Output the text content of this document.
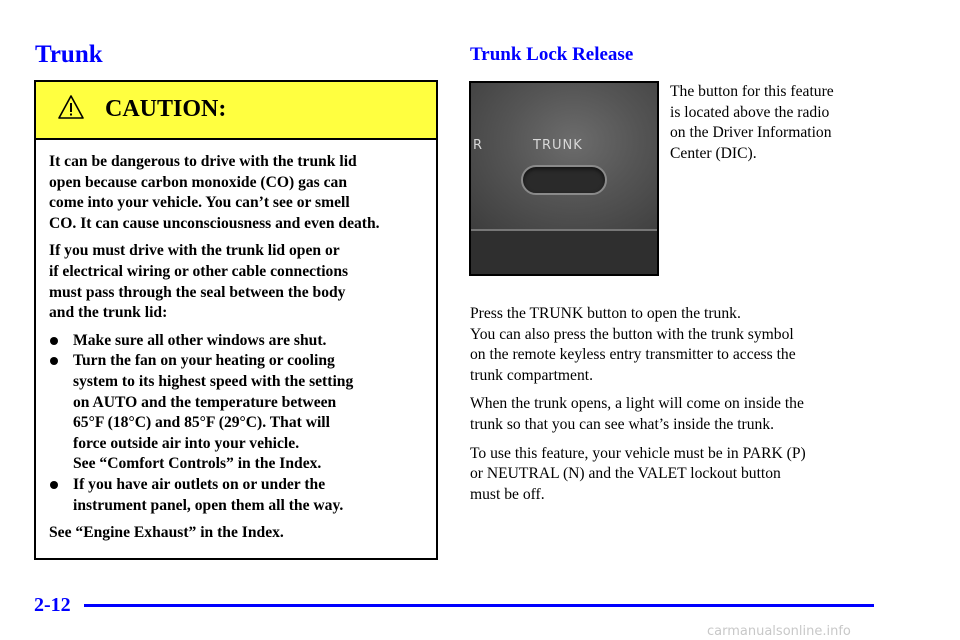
Trunk
CAUTION:

It can be dangerous to drive with the trunk lid
open because carbon monoxide (CO) gas can
come into your vehicle. You can’t see or smell
CO. It can cause unconsciousness and even death.

If you must drive with the trunk lid open or
if electrical wiring or other cable connections
must pass through the seal between the body
and the trunk lid:

Make sure all other windows are shut.
Turn the fan on your heating or cooling
system to its highest speed with the setting
on AUTO and the temperature between
65°F (18°C) and 85°F (29°C). That will
force outside air into your vehicle.
See “Comfort Controls” in the Index.
If you have air outlets on or under the
instrument panel, open them all the way.

See “Engine Exhaust” in the Index.

Trunk Lock Release
R	TRUNK

The button for this feature
is located above the radio
on the Driver Information
Center (DIC).

Press the TRUNK button to open the trunk.
You can also press the button with the trunk symbol
on the remote keyless entry transmitter to access the
trunk compartment.

When the trunk opens, a light will come on inside the
trunk so that you can see what’s inside the trunk.

To use this feature, your vehicle must be in PARK (P)
or NEUTRAL (N) and the VALET lockout button
must be off.

2-12
carmanualsonline.info
